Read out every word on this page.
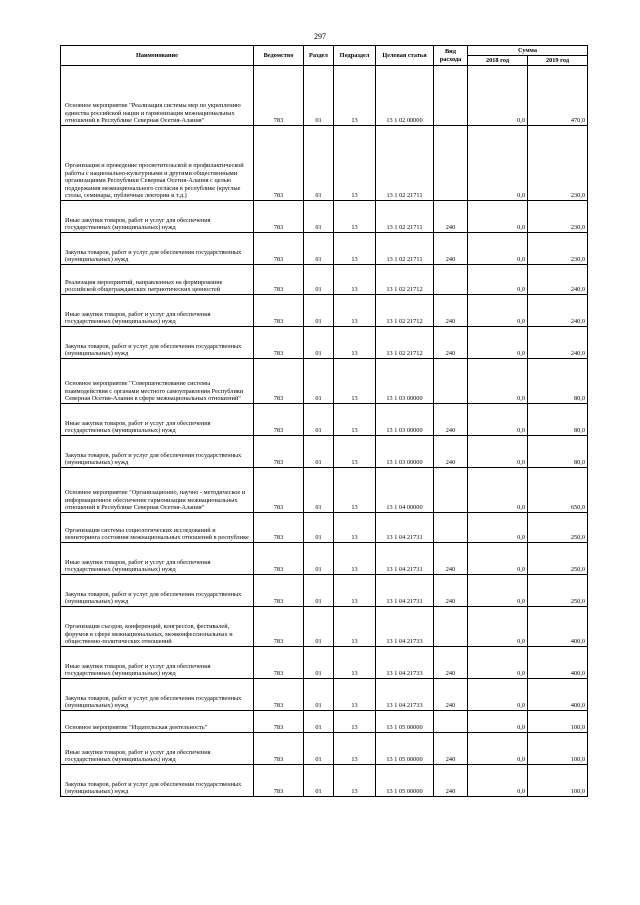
297
Наименование	Ведомство	Раздел	Подраздел	Целевая статья	Вид расхода	Сумма	
						2018 год	2019 год

Основное мероприятие "Реализация системы мер по укреплению единства российской нации и гармонизация межнациональных отношений в Республике Северная Осетия-Алания"	783	01	13	13 1 02 00000		0,0	470,0

Организация и проведение просветительской и профилактической работы с национально-культурными и другими общественными организациями Республики Северная Осетия-Алания с целью поддержания межнационального согласия в республике (круглые столы, семинары, публичные лектории и т.д.)	783	01	13	13 1 02 21711		0,0	230,0

Иные закупки товаров, работ и услуг для обеспечения государственных (муниципальных) нужд	783	01	13	13 1 02 21711	240	0,0	230,0

Закупка товаров, работ и услуг для обеспечения государственных (муниципальных) нужд	783	01	13	13 1 02 21711	240	0,0	230,0

Реализация мероприятий, направленных на формирование российской общегражданских патриотических ценностей	783	01	13	13 1 02 21712		0,0	240,0

Иные закупки товаров, работ и услуг для обеспечения государственных (муниципальных) нужд	783	01	13	13 1 02 21712	240	0,0	240,0

Закупка товаров, работ и услуг для обеспечения государственных (муниципальных) нужд	783	01	13	13 1 02 21712	240	0,0	240,0

Основное мероприятие "Совершенствование системы взаимодействия с органами местного самоуправления Республики Северная Осетия-Алания в сфере межнациональных отношений"	783	01	13	13 1 03 00000		0,0	80,0

Иные закупки товаров, работ и услуг для обеспечения государственных (муниципальных) нужд	783	01	13	13 1 03 00000	240	0,0	80,0

Закупка товаров, работ и услуг для обеспечения государственных (муниципальных) нужд	783	01	13	13 1 03 00000	240	0,0	80,0

Основное мероприятие "Организационно, научно - методическое и информационное обеспечение гармонизации межнациональных отношений в Республике Северная Осетия-Алания"	783	01	13	13 1 04 00000		0,0	650,0

Организация системы социологических исследований и мониторинга состояния межнациональных отношений в республике	783	01	13	13 1 04 21731		0,0	250,0

Иные закупки товаров, работ и услуг для обеспечения государственных (муниципальных) нужд	783	01	13	13 1 04 21731	240	0,0	250,0

Закупка товаров, работ и услуг для обеспечения государственных (муниципальных) нужд	783	01	13	13 1 04 21731	240	0,0	250,0

Организация съездов, конференций, конгрессов, фестивалей, форумов в сфере межнациональных, межконфессиональных и общественно-политических отношений	783	01	13	13 1 04 21733		0,0	400,0

Иные закупки товаров, работ и услуг для обеспечения государственных (муниципальных) нужд	783	01	13	13 1 04 21733	240	0,0	400,0

Закупка товаров, работ и услуг для обеспечения государственных (муниципальных) нужд	783	01	13	13 1 04 21733	240	0,0	400,0

Основное мероприятие "Издательская деятельность"	783	01	13	13 1 05 00000		0,0	100,0

Иные закупки товаров, работ и услуг для обеспечения государственных (муниципальных) нужд	783	01	13	13 1 05 00000	240	0,0	100,0

Закупка товаров, работ и услуг для обеспечения государственных (муниципальных) нужд	783	01	13	13 1 05 00000	240	0,0	100,0
